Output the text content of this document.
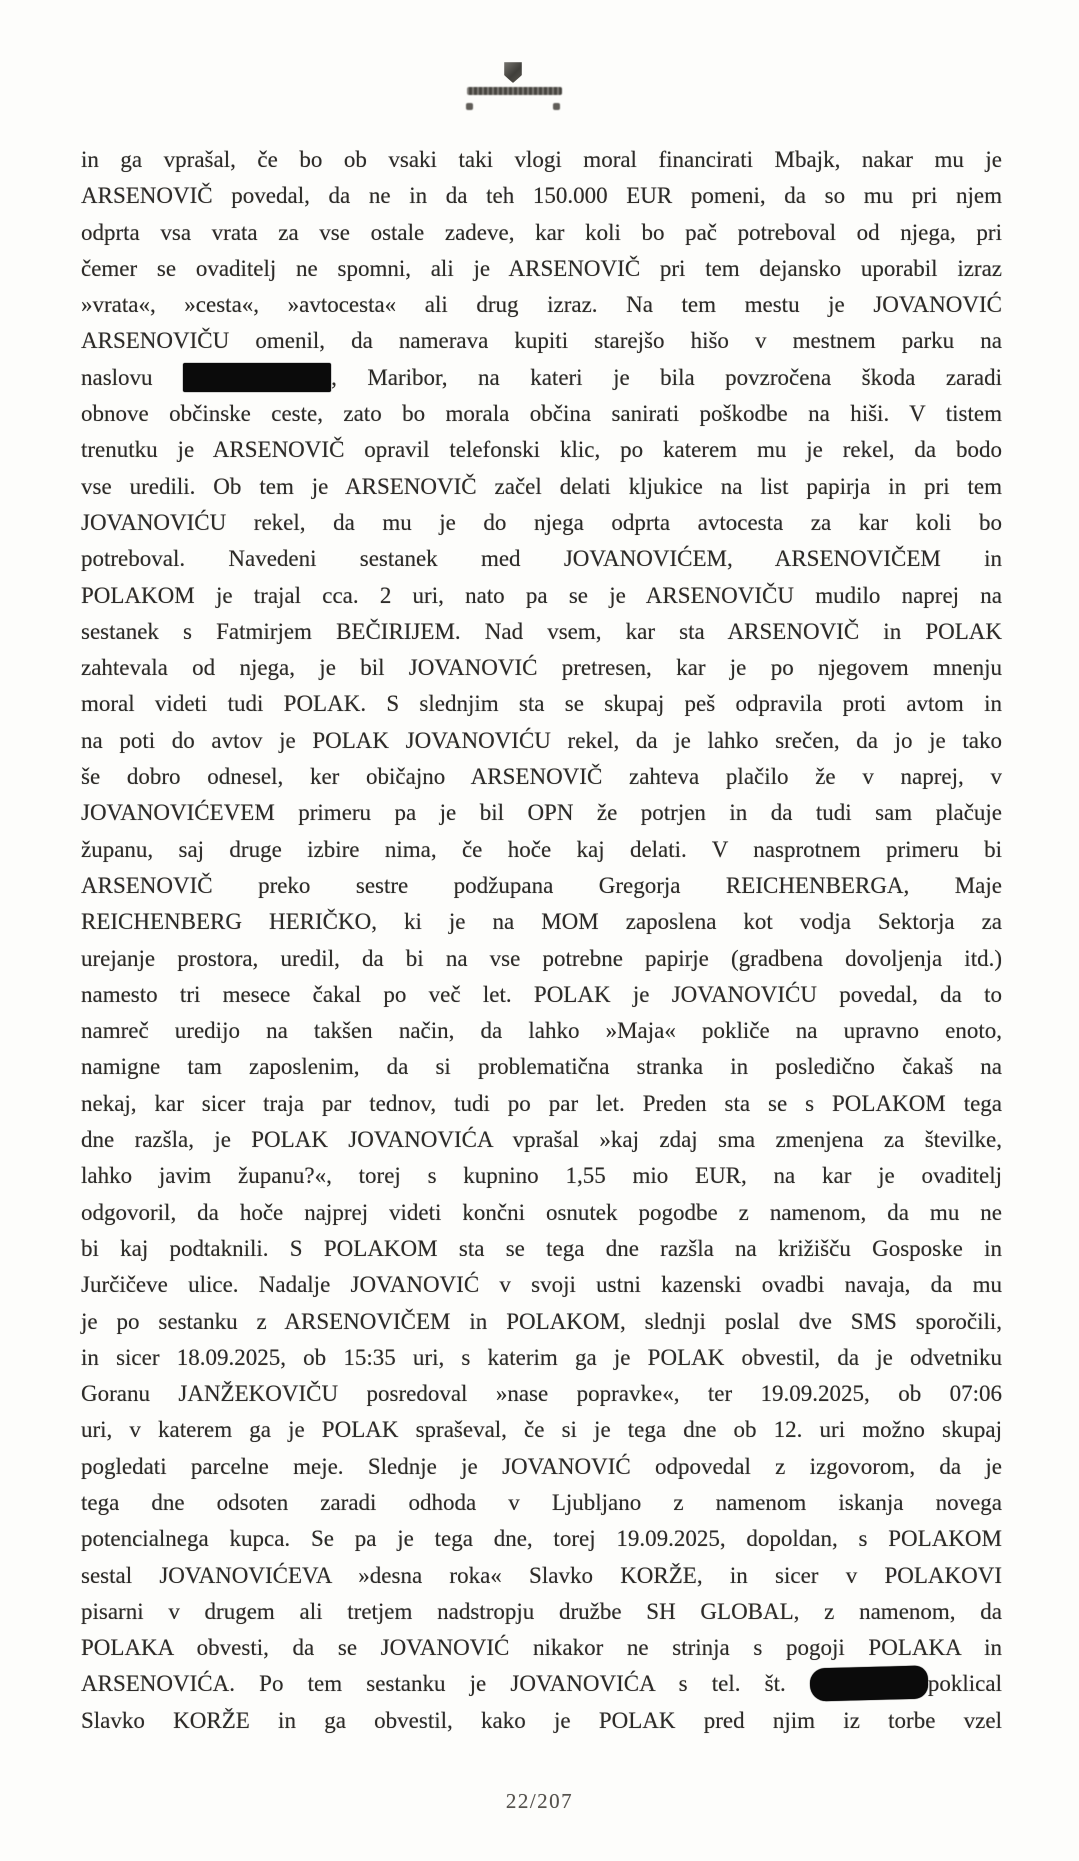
in ga vprašal, če bo ob vsaki taki vlogi moral financirati Mbajk, nakar mu je
ARSENOVIČ povedal, da ne in da teh 150.000 EUR pomeni, da so mu pri njem
odprta vsa vrata za vse ostale zadeve, kar koli bo pač potreboval od njega, pri
čemer se ovaditelj ne spomni, ali je ARSENOVIČ pri tem dejansko uporabil izraz
»vrata«, »cesta«, »avtocesta« ali drug izraz. Na tem mestu je JOVANOVIĆ
ARSENOVIČU omenil, da namerava kupiti starejšo hišo v mestnem parku na
naslovu	, Maribor, na kateri je bila povzročena škoda zaradi
obnove občinske ceste, zato bo morala občina sanirati poškodbe na hiši. V tistem
trenutku je ARSENOVIČ opravil telefonski klic, po katerem mu je rekel, da bodo
vse uredili. Ob tem je ARSENOVIČ začel delati kljukice na list papirja in pri tem
JOVANOVIĆU rekel, da mu je do njega odprta avtocesta za kar koli bo
potreboval. Navedeni sestanek med JOVANOVIĆEM, ARSENOVIČEM in
POLAKOM je trajal cca. 2 uri, nato pa se je ARSENOVIČU mudilo naprej na
sestanek s Fatmirjem BEČIRIJEM. Nad vsem, kar sta ARSENOVIČ in POLAK
zahtevala od njega, je bil JOVANOVIĆ pretresen, kar je po njegovem mnenju
moral videti tudi POLAK. S slednjim sta se skupaj peš odpravila proti avtom in
na poti do avtov je POLAK JOVANOVIĆU rekel, da je lahko srečen, da jo je tako
še dobro odnesel, ker običajno ARSENOVIČ zahteva plačilo že v naprej, v
JOVANOVIĆEVEM primeru pa je bil OPN že potrjen in da tudi sam plačuje
županu, saj druge izbire nima, če hoče kaj delati. V nasprotnem primeru bi
ARSENOVIČ preko sestre podžupana Gregorja REICHENBERGA, Maje
REICHENBERG HERIČKO, ki je na MOM zaposlena kot vodja Sektorja za
urejanje prostora, uredil, da bi na vse potrebne papirje (gradbena dovoljenja itd.)
namesto tri mesece čakal po več let. POLAK je JOVANOVIĆU povedal, da to
namreč uredijo na takšen način, da lahko »Maja« pokliče na upravno enoto,
namigne tam zaposlenim, da si problematična stranka in posledično čakaš na
nekaj, kar sicer traja par tednov, tudi po par let. Preden sta se s POLAKOM tega
dne razšla, je POLAK JOVANOVIĆA vprašal »kaj zdaj sma zmenjena za številke,
lahko javim županu?«, torej s kupnino 1,55 mio EUR, na kar je ovaditelj
odgovoril, da hoče najprej videti končni osnutek pogodbe z namenom, da mu ne
bi kaj podtaknili. S POLAKOM sta se tega dne razšla na križišču Gosposke in
Jurčičeve ulice. Nadalje JOVANOVIĆ v svoji ustni kazenski ovadbi navaja, da mu
je po sestanku z ARSENOVIČEM in POLAKOM, slednji poslal dve SMS sporočili,
in sicer 18.09.2025, ob 15:35 uri, s katerim ga je POLAK obvestil, da je odvetniku
Goranu JANŽEKOVIČU posredoval »nase popravke«, ter 19.09.2025, ob 07:06
uri, v katerem ga je POLAK spraševal, če si je tega dne ob 12. uri možno skupaj
pogledati parcelne meje. Slednje je JOVANOVIĆ odpovedal z izgovorom, da je
tega dne odsoten zaradi odhoda v Ljubljano z namenom iskanja novega
potencialnega kupca. Se pa je tega dne, torej 19.09.2025, dopoldan, s POLAKOM
sestal JOVANOVIĆEVA »desna roka« Slavko KORŽE, in sicer v POLAKOVI
pisarni v drugem ali tretjem nadstropju družbe SH GLOBAL, z namenom, da
POLAKA obvesti, da se JOVANOVIĆ nikakor ne strinja s pogoji POLAKA in
ARSENOVIĆA. Po tem sestanku je JOVANOVIĆA s tel. št.	poklical
Slavko KORŽE in ga obvestil, kako je POLAK pred njim iz torbe vzel
22/207
